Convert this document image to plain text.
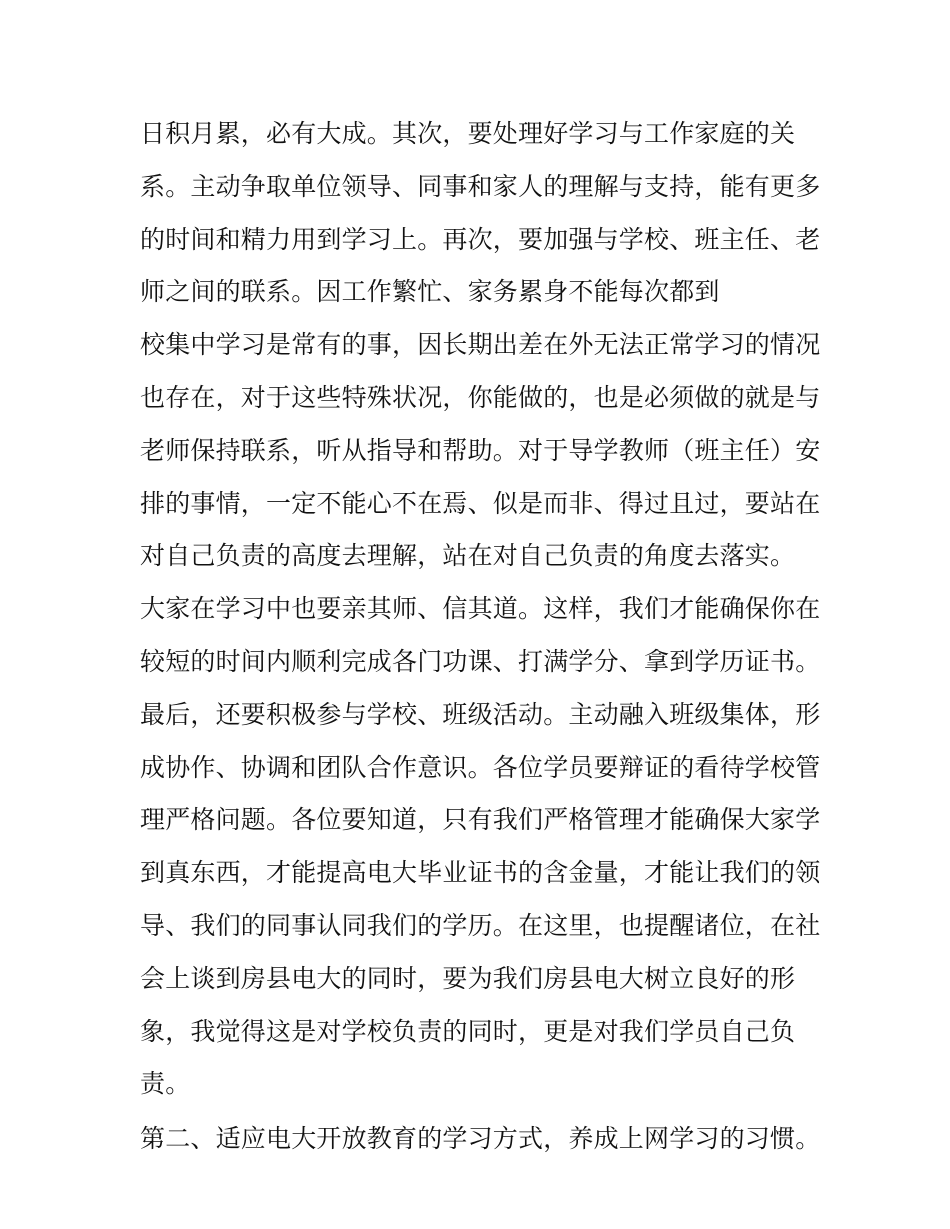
日积月累，必有大成。其次，要处理好学习与工作家庭的关
系。主动争取单位领导、同事和家人的理解与支持，能有更多
的时间和精力用到学习上。再次，要加强与学校、班主任、老
师之间的联系。因工作繁忙、家务累身不能每次都到
校集中学习是常有的事，因长期出差在外无法正常学习的情况
也存在，对于这些特殊状况，你能做的，也是必须做的就是与
老师保持联系，听从指导和帮助。对于导学教师（班主任）安
排的事情，一定不能心不在焉、似是而非、得过且过，要站在
对自己负责的高度去理解，站在对自己负责的角度去落实。
大家在学习中也要亲其师、信其道。这样，我们才能确保你在
较短的时间内顺利完成各门功课、打满学分、拿到学历证书。
最后，还要积极参与学校、班级活动。主动融入班级集体，形
成协作、协调和团队合作意识。各位学员要辩证的看待学校管
理严格问题。各位要知道，只有我们严格管理才能确保大家学
到真东西，才能提高电大毕业证书的含金量，才能让我们的领
导、我们的同事认同我们的学历。在这里，也提醒诸位，在社
会上谈到房县电大的同时，要为我们房县电大树立良好的形
象，我觉得这是对学校负责的同时，更是对我们学员自己负
责。
第二、适应电大开放教育的学习方式，养成上网学习的习惯。
